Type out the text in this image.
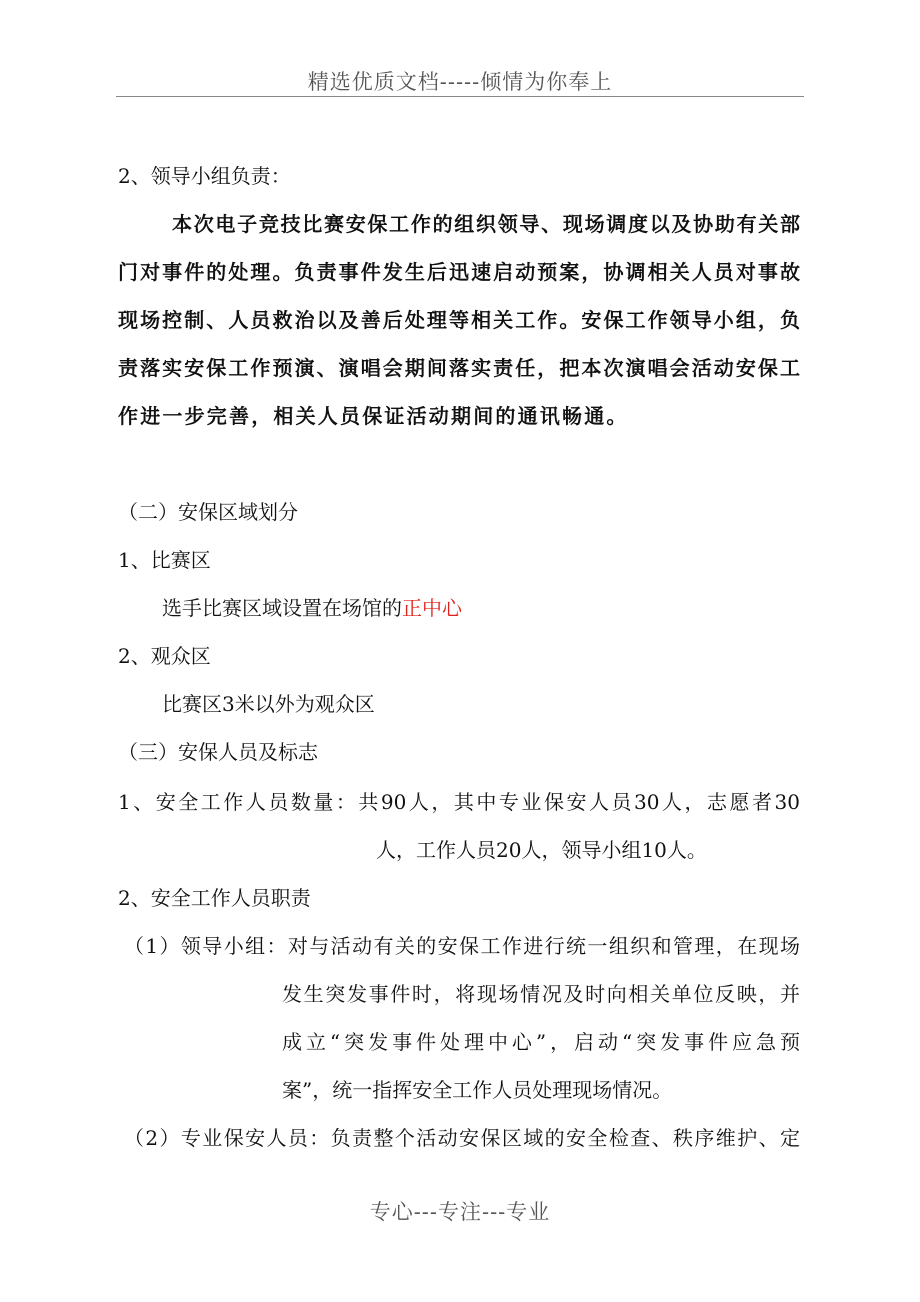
精选优质文档-----倾情为你奉上
2、领导小组负责：
本次电子竞技比赛安保工作的组织领导、现场调度以及协助有关部
门对事件的处理。负责事件发生后迅速启动预案，协调相关人员对事故
现场控制、人员救治以及善后处理等相关工作。安保工作领导小组，负
责落实安保工作预演、演唱会期间落实责任，把本次演唱会活动安保工
作进一步完善，相关人员保证活动期间的通讯畅通。
（二）安保区域划分
1、比赛区
选手比赛区域设置在场馆的正中心
2、观众区
比赛区3米以外为观众区
（三）安保人员及标志
1、安全工作人员数量：共90人，其中专业保安人员30人，志愿者30
人，工作人员20人，领导小组10人。
2、安全工作人员职责
（1）领导小组：对与活动有关的安保工作进行统一组织和管理，在现场
发生突发事件时，将现场情况及时向相关单位反映，并
成立“突发事件处理中心”，启动“突发事件应急预
案”，统一指挥安全工作人员处理现场情况。
（2）专业保安人员：负责整个活动安保区域的安全检查、秩序维护、定
专心---专注---专业
